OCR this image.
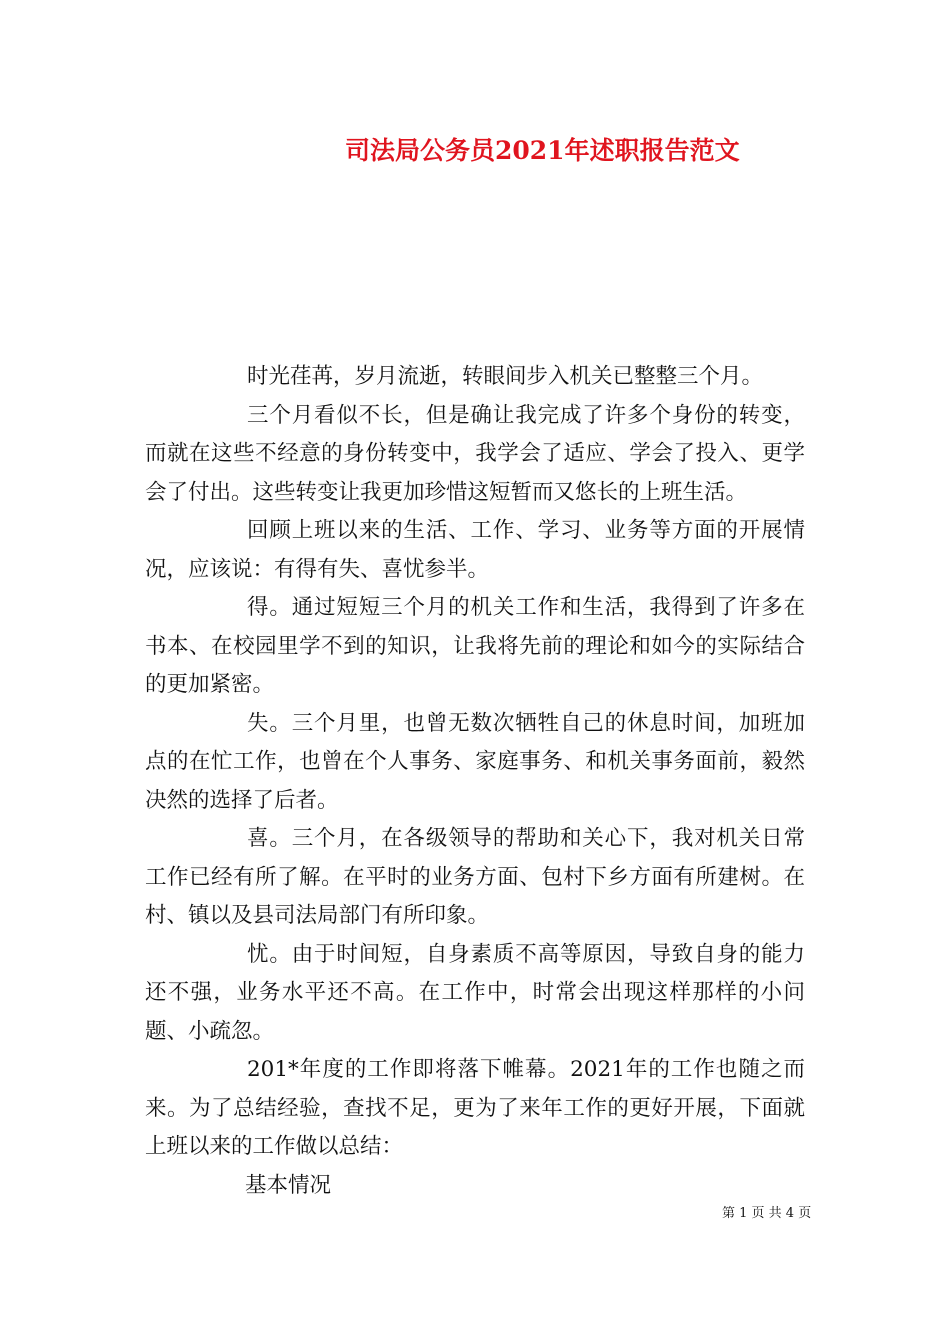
司法局公务员2021年述职报告范文

时光荏苒，岁月流逝，转眼间步入机关已整整三个月。

三个月看似不长，但是确让我完成了许多个身份的转变，而就在这些不经意的身份转变中，我学会了适应、学会了投入、更学会了付出。这些转变让我更加珍惜这短暂而又悠长的上班生活。

回顾上班以来的生活、工作、学习、业务等方面的开展情况，应该说：有得有失、喜忧参半。

得。通过短短三个月的机关工作和生活，我得到了许多在书本、在校园里学不到的知识，让我将先前的理论和如今的实际结合的更加紧密。

失。三个月里，也曾无数次牺牲自己的休息时间，加班加点的在忙工作，也曾在个人事务、家庭事务、和机关事务面前，毅然决然的选择了后者。

喜。三个月，在各级领导的帮助和关心下，我对机关日常工作已经有所了解。在平时的业务方面、包村下乡方面有所建树。在村、镇以及县司法局部门有所印象。

忧。由于时间短，自身素质不高等原因，导致自身的能力还不强，业务水平还不高。在工作中，时常会出现这样那样的小问题、小疏忽。

201*年度的工作即将落下帷幕。2021年的工作也随之而来。为了总结经验，查找不足，更为了来年工作的更好开展，下面就上班以来的工作做以总结：

基本情况

第 1 页 共 4 页
